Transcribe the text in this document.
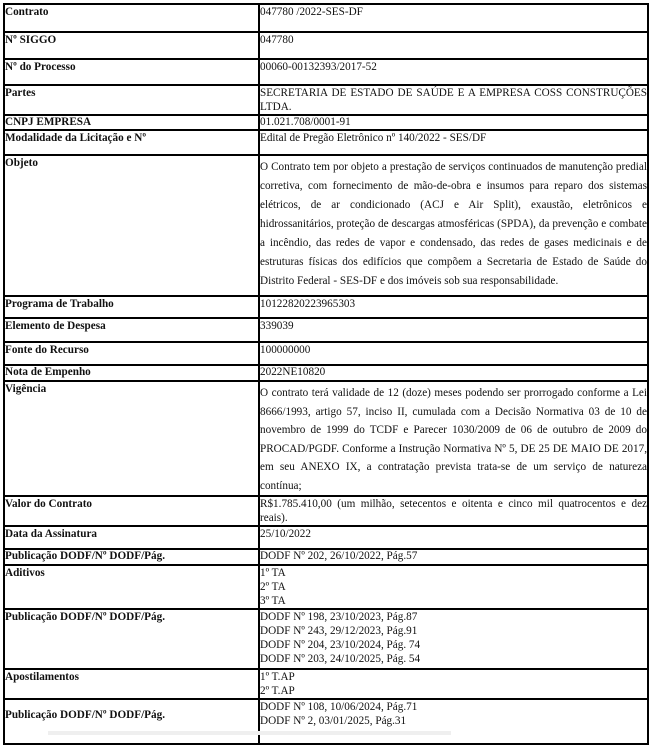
Contrato	047780 /2022-SES-DF

Nº SIGGO	047780

Nº do Processo	00060-00132393/2017-52

Partes	SECRETARIA DE ESTADO DE SAÚDE E A EMPRESA COSS CONSTRUÇÕES LTDA.

CNPJ EMPRESA	01.021.708/0001-91

Modalidade da Licitação e Nº	Edital de Pregão Eletrônico nº 140/2022 - SES/DF

Objeto	O Contrato tem por objeto a prestação de serviços continuados de manutenção predial corretiva, com fornecimento de mão-de-obra e insumos para reparo dos sistemas elétricos, de ar condicionado (ACJ e Air Split), exaustão, eletrônicos e hidrossanitários, proteção de descargas atmosféricas (SPDA), da prevenção e combate a incêndio, das redes de vapor e condensado, das redes de gases medicinais e de estruturas físicas dos edifícios que compõem a Secretaria de Estado de Saúde do Distrito Federal - SES-DF e dos imóveis sob sua responsabilidade.

Programa de Trabalho	10122820223965303

Elemento de Despesa	339039

Fonte do Recurso	100000000

Nota de Empenho	2022NE10820

Vigência	O contrato terá validade de 12 (doze) meses podendo ser prorrogado conforme a Lei 8666/1993, artigo 57, inciso II, cumulada com a Decisão Normativa 03 de 10 de novembro de 1999 do TCDF e Parecer 1030/2009 de 06 de outubro de 2009 do PROCAD/PGDF. Conforme a Instrução Normativa Nº 5, DE 25 DE MAIO DE 2017, em seu ANEXO IX, a contratação prevista trata-se de um serviço de natureza contínua;

Valor do Contrato	R$1.785.410,00 (um milhão, setecentos e oitenta e cinco mil quatrocentos e dez reais).

Data da Assinatura	25/10/2022

Publicação DODF/Nº DODF/Pág.	DODF Nº 202, 26/10/2022, Pág.57

Aditivos	1º TA
2º TA
3º TA

Publicação DODF/Nº DODF/Pág.	DODF Nº 198, 23/10/2023, Pág.87
DODF Nº 243, 29/12/2023, Pág.91
DODF Nº 204, 23/10/2024, Pág. 74
DODF Nº 203, 24/10/2025, Pág. 54

Apostilamentos	1º T.AP
2º T.AP

Publicação DODF/Nº DODF/Pág.	DODF Nº 108, 10/06/2024, Pág.71
DODF Nº 2, 03/01/2025, Pág.31
